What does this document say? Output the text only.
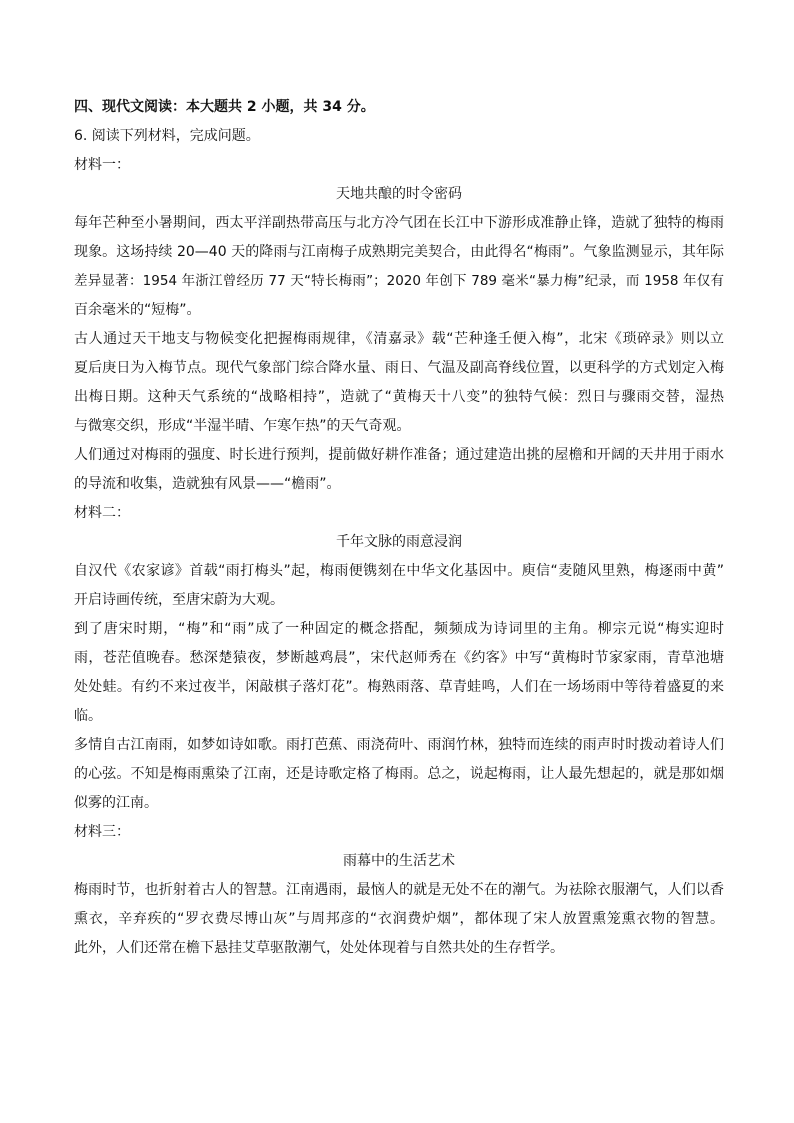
四、现代文阅读：本大题共 2 小题，共 34 分。
6. 阅读下列材料，完成问题。
材料一：
天地共酿的时令密码
每年芒种至小暑期间，西太平洋副热带高压与北方冷气团在长江中下游形成准静止锋，造就了独特的梅雨
现象。这场持续 20—40 天的降雨与江南梅子成熟期完美契合，由此得名“梅雨”。气象监测显示，其年际
差异显著：1954 年浙江曾经历 77 天“特长梅雨”；2020 年创下 789 毫米“暴力梅”纪录，而 1958 年仅有
百余毫米的“短梅”。
古人通过天干地支与物候变化把握梅雨规律，《清嘉录》载“芒种逢壬便入梅”，北宋《琐碎录》则以立
夏后庚日为入梅节点。现代气象部门综合降水量、雨日、气温及副高脊线位置，以更科学的方式划定入梅
出梅日期。这种天气系统的“战略相持”，造就了“黄梅天十八变”的独特气候：烈日与骤雨交替，湿热
与微寒交织，形成“半湿半晴、乍寒乍热”的天气奇观。
人们通过对梅雨的强度、时长进行预判，提前做好耕作准备；通过建造出挑的屋檐和开阔的天井用于雨水
的导流和收集，造就独有风景——“檐雨”。
材料二：
千年文脉的雨意浸润
自汉代《农家谚》首载“雨打梅头”起，梅雨便镌刻在中华文化基因中。庾信“麦随风里熟，梅逐雨中黄”
开启诗画传统，至唐宋蔚为大观。
到了唐宋时期，“梅”和“雨”成了一种固定的概念搭配，频频成为诗词里的主角。柳宗元说“梅实迎时
雨，苍茫值晚春。愁深楚猿夜，梦断越鸡晨”，宋代赵师秀在《约客》中写“黄梅时节家家雨，青草池塘
处处蛙。有约不来过夜半，闲敲棋子落灯花”。梅熟雨落、草青蛙鸣，人们在一场场雨中等待着盛夏的来
临。
多情自古江南雨，如梦如诗如歌。雨打芭蕉、雨浇荷叶、雨润竹林，独特而连续的雨声时时拨动着诗人们
的心弦。不知是梅雨熏染了江南，还是诗歌定格了梅雨。总之，说起梅雨，让人最先想起的，就是那如烟
似雾的江南。
材料三：
雨幕中的生活艺术
梅雨时节，也折射着古人的智慧。江南遇雨，最恼人的就是无处不在的潮气。为祛除衣服潮气，人们以香
熏衣，辛弃疾的“罗衣费尽博山灰”与周邦彦的“衣润费炉烟”，都体现了宋人放置熏笼熏衣物的智慧。
此外，人们还常在檐下悬挂艾草驱散潮气，处处体现着与自然共处的生存哲学。
